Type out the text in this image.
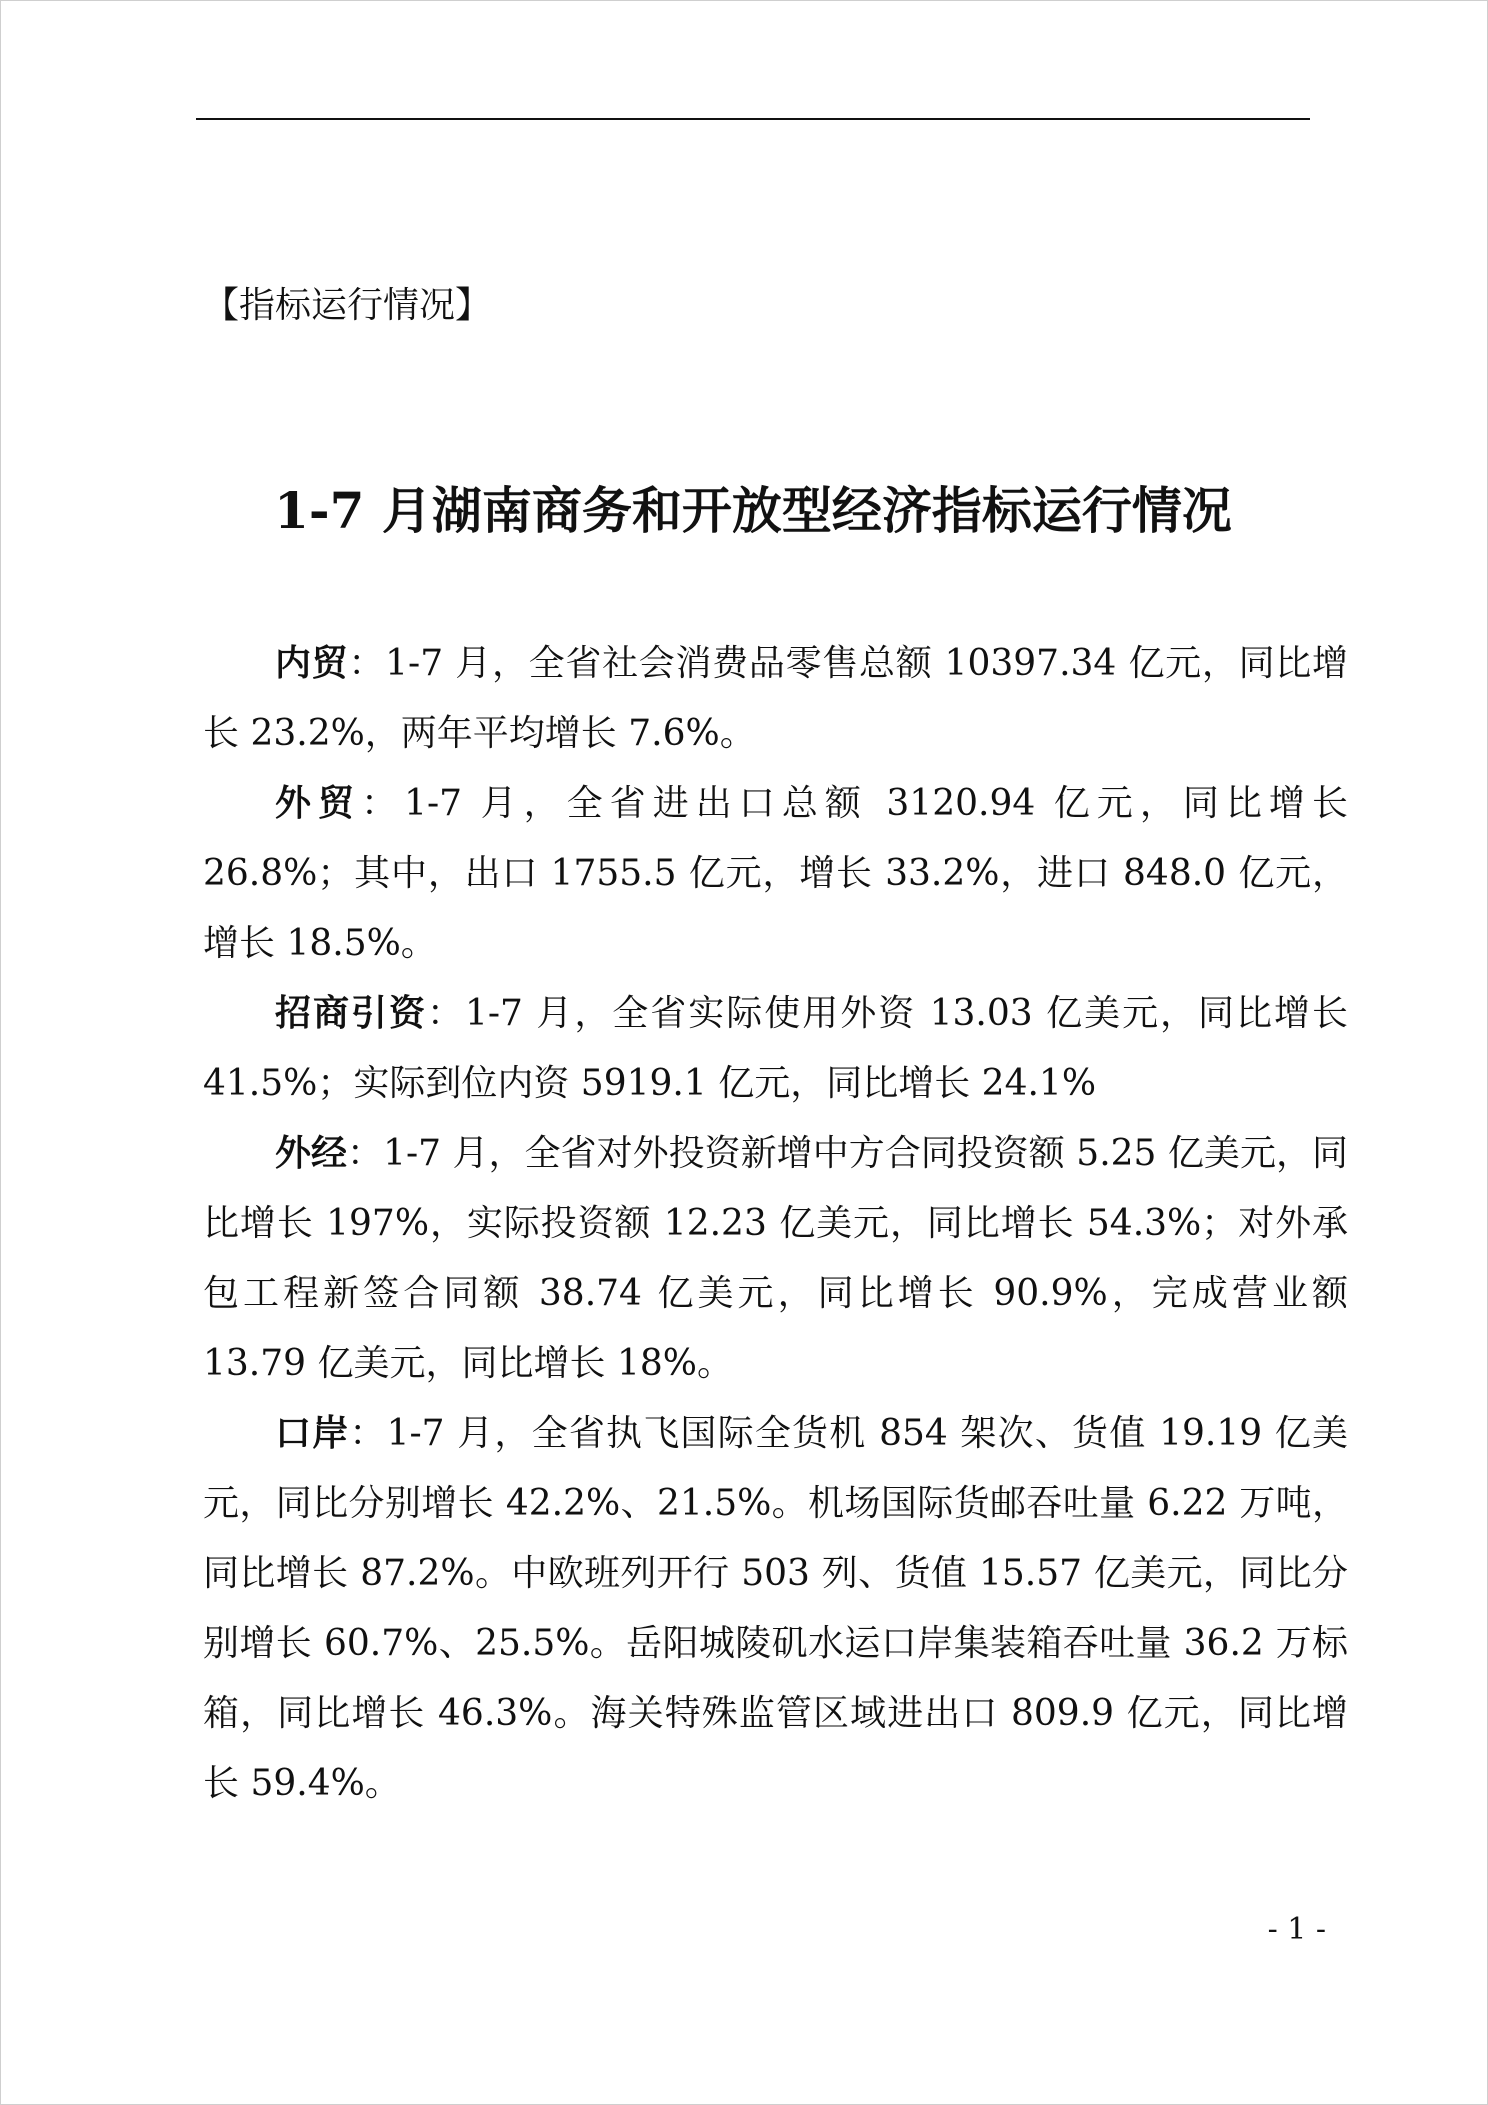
【指标运行情况】
1-7 月湖南商务和开放型经济指标运行情况

内贸：1-7 月，全省社会消费品零售总额 10397.34 亿元，同比增长 23.2%，两年平均增长 7.6%。

外贸：1-7 月，全省进出口总额 3120.94 亿元，同比增长 26.8%；其中，出口 1755.5 亿元，增长 33.2%，进口 848.0 亿元，增长 18.5%。

招商引资：1-7 月，全省实际使用外资 13.03 亿美元，同比增长 41.5%；实际到位内资 5919.1 亿元，同比增长 24.1%

外经：1-7 月，全省对外投资新增中方合同投资额 5.25 亿美元，同比增长 197%，实际投资额 12.23 亿美元，同比增长 54.3%；对外承包工程新签合同额 38.74 亿美元，同比增长 90.9%，完成营业额 13.79 亿美元，同比增长 18%。

口岸：1-7 月，全省执飞国际全货机 854 架次、货值 19.19 亿美元，同比分别增长 42.2%、21.5%。机场国际货邮吞吐量 6.22 万吨，同比增长 87.2%。中欧班列开行 503 列、货值 15.57 亿美元，同比分别增长 60.7%、25.5%。岳阳城陵矶水运口岸集装箱吞吐量 36.2 万标箱，同比增长 46.3%。海关特殊监管区域进出口 809.9 亿元，同比增长 59.4%。

- 1 -
